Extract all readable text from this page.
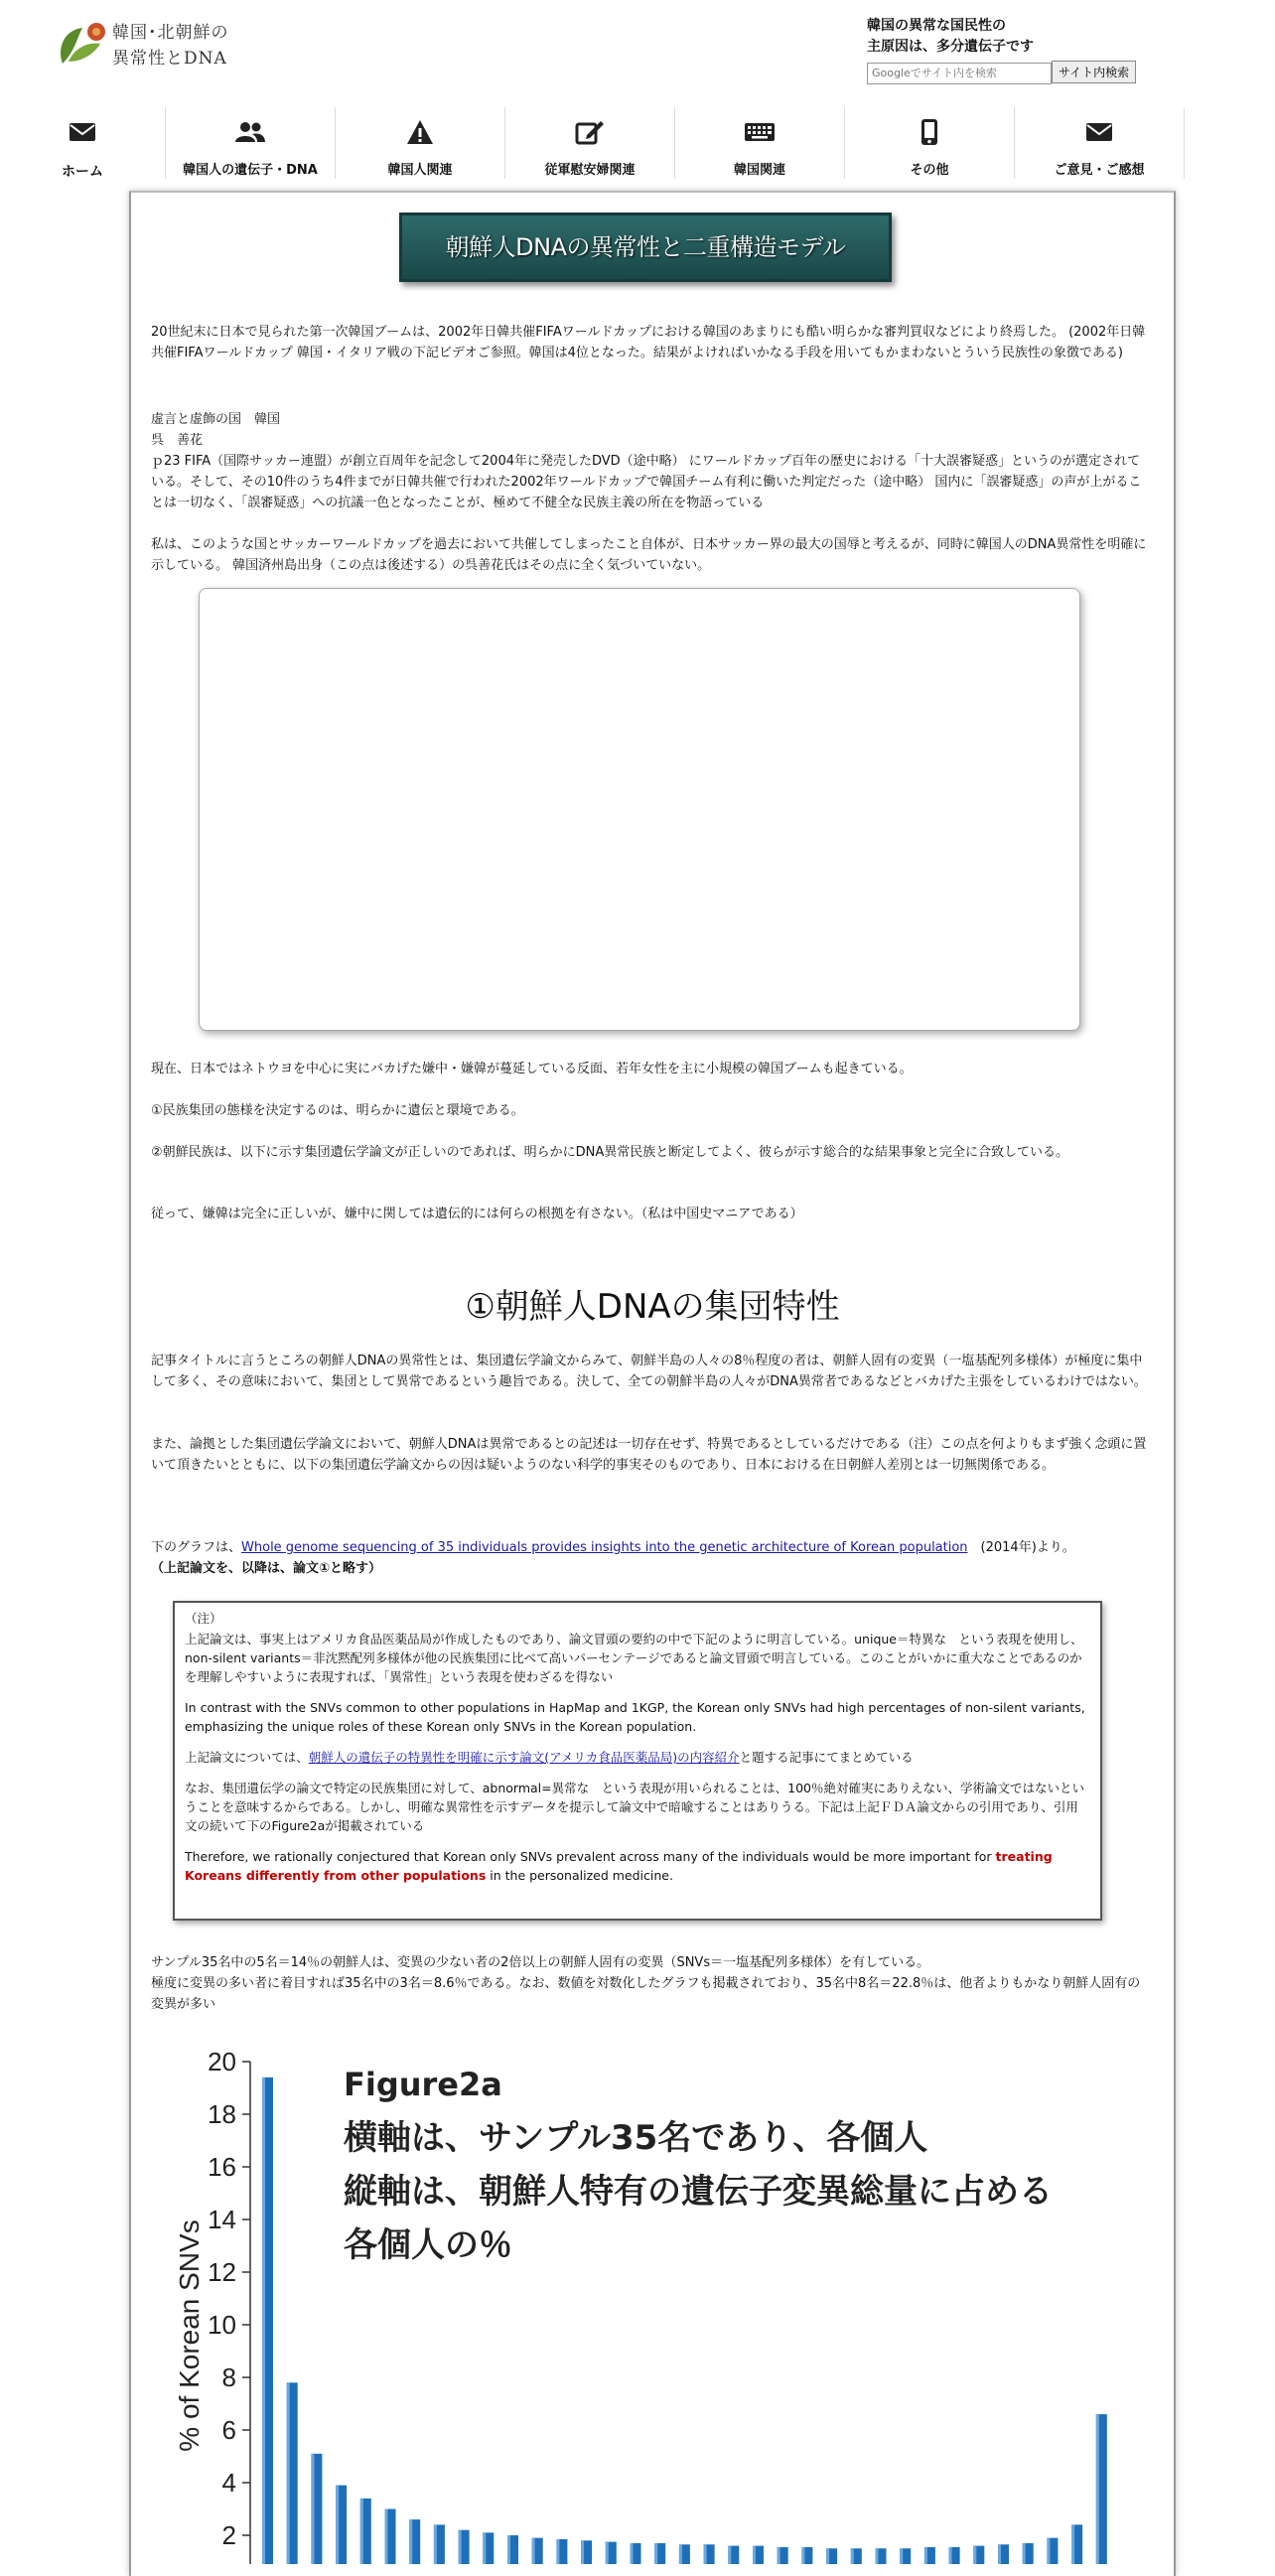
韓国･北朝鮮の
異常性とDNA
韓国の異常な国民性の
主原因は、多分遺伝子です
Googleでサイト内を検索サイト内検索
ホーム	韓国人の遺伝子・DNA	韓国人関連	従軍慰安婦関連	韓国関連	その他	ご意見・ご感想
朝鮮人DNAの異常性と二重構造モデル
20世紀末に日本で見られた第一次韓国ブームは、2002年日韓共催FIFAワールドカップにおける韓国のあまりにも酷い明らかな審判買収などにより終焉した。 (2002年日韓共催FIFAワールドカップ 韓国・イタリア戦の下記ビデオご参照。韓国は4位となった。結果がよければいかなる手段を用いてもかまわないとういう民族性の象徴である)
虚言と虚飾の国　韓国
呉　善花
ｐ23 FIFA（国際サッカー連盟）が創立百周年を記念して2004年に発売したDVD（途中略） にワールドカップ百年の歴史における「十大誤審疑惑」というのが選定されている。そして、その10件のうち4件までが日韓共催で行われた2002年ワールドカップで韓国チーム有利に働いた判定だった（途中略） 国内に「誤審疑惑」の声が上がることは一切なく、「誤審疑惑」への抗議一色となったことが、極めて不健全な民族主義の所在を物語っている
私は、このような国とサッカーワールドカップを過去において共催してしまったこと自体が、日本サッカー界の最大の国辱と考えるが、同時に韓国人のDNA異常性を明確に示している。 韓国済州島出身（この点は後述する）の呉善花氏はその点に全く気づいていない。
現在、日本ではネトウヨを中心に実にバカげた嫌中・嫌韓が蔓延している反面、若年女性を主に小規模の韓国ブームも起きている。
①民族集団の態様を決定するのは、明らかに遺伝と環境である。
②朝鮮民族は、以下に示す集団遺伝学論文が正しいのであれば、明らかにDNA異常民族と断定してよく、彼らが示す総合的な結果事象と完全に合致している。
従って、嫌韓は完全に正しいが、嫌中に関しては遺伝的には何らの根拠を有さない。（私は中国史マニアである）
①朝鮮人DNAの集団特性
記事タイトルに言うところの朝鮮人DNAの異常性とは、集団遺伝学論文からみて、朝鮮半島の人々の8％程度の者は、朝鮮人固有の変異（一塩基配列多様体）が極度に集中して多く、その意味において、集団として異常であるという趣旨である。決して、全ての朝鮮半島の人々がDNA異常者であるなどとバカげた主張をしているわけではない。
また、論拠とした集団遺伝学論文において、朝鮮人DNAは異常であるとの記述は一切存在せず、特異であるとしているだけである（注）この点を何よりもまず強く念頭に置いて頂きたいとともに、以下の集団遺伝学論文からの因は疑いようのない科学的事実そのものであり、日本における在日朝鮮人差別とは一切無関係である。
下のグラフは、Whole genome sequencing of 35 individuals provides insights into the genetic architecture of Korean population　(2014年)より。
（上記論文を、以降は、論文①と略す）
（注）
上記論文は、事実上はアメリカ食品医薬品局が作成したものであり、論文冒頭の要約の中で下記のように明言している。unique＝特異な　という表現を使用し、non-silent variants＝非沈黙配列多様体が他の民族集団に比べて高いパーセンテージであると論文冒頭で明言している。このことがいかに重大なことであるのかを理解しやすいように表現すれば、「異常性」という表現を使わざるを得ない
In contrast with the SNVs common to other populations in HapMap and 1KGP, the Korean only SNVs had high percentages of non-silent variants, emphasizing the unique roles of these Korean only SNVs in the Korean population.
上記論文については、朝鮮人の遺伝子の特異性を明確に示す論文(アメリカ食品医薬品局)の内容紹介と題する記事にてまとめている
なお、集団遺伝学の論文で特定の民族集団に対して、abnormal=異常な　という表現が用いられることは、100％絶対確実にありえない、学術論文ではないということを意味するからである。しかし、明確な異常性を示すデータを提示して論文中で暗喩することはありうる。下記は上記ＦＤＡ論文からの引用であり、引用文の続いて下のFigure2aが掲載されている
Therefore, we rationally conjectured that Korean only SNVs prevalent across many of the individuals would be more important for treating Koreans differently from other populations in the personalized medicine.
サンプル35名中の5名＝14％の朝鮮人は、変異の少ない者の2倍以上の朝鮮人固有の変異（SNVs＝一塩基配列多様体）を有している。
極度に変異の多い者に着目すれば35名中の3名＝8.6％である。なお、数値を対数化したグラフも掲載されており、35名中8名＝22.8％は、他者よりもかなり朝鮮人固有の変異が多い
2
4
6
8
10
12
14
16
18
20
% of Korean SNVs
Figure2a
横軸は、サンプル35名であり、各個人
縦軸は、朝鮮人特有の遺伝子変異総量に占める
各個人の％
